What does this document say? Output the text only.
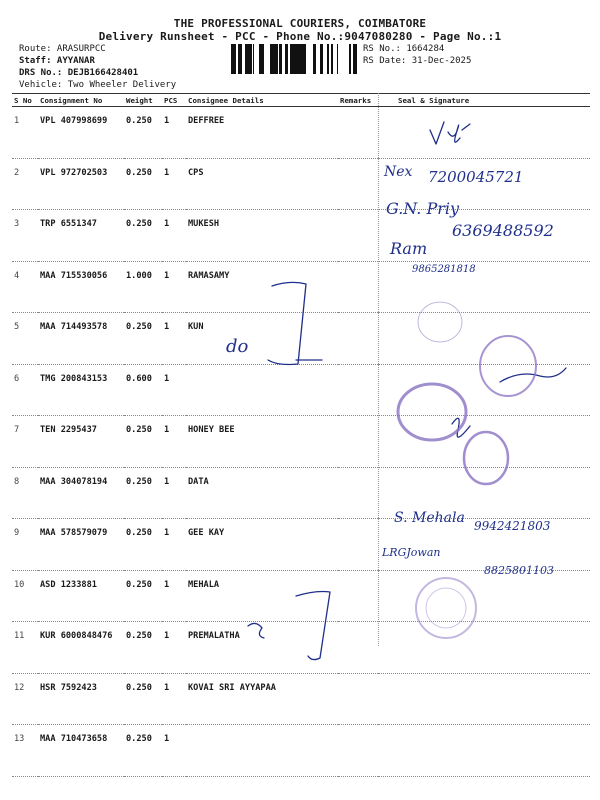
THE PROFESSIONAL COURIERS, COIMBATORE
Delivery Runsheet - PCC - Phone No.:9047080280 - Page No.:1
Route: ARASURPCC
Staff: AYYANAR
DRS No.: DEJB166428401
Vehicle: Two Wheeler Delivery
RS No.: 1664284
RS Date: 31-Dec-2025
S No	Consignment No	Weight	PCS	Consignee Details	Remarks	Seal & Signature
1	VPL 407998699	0.250	1	DEFFREE		
2	VPL 972702503	0.250	1	CPS		
3	TRP 6551347	0.250	1	MUKESH		
4	MAA 715530056	1.000	1	RAMASAMY		
5	MAA 714493578	0.250	1	KUN		
6	TMG 200843153	0.600	1			
7	TEN 2295437	0.250	1	HONEY BEE		
8	MAA 304078194	0.250	1	DATA		
9	MAA 578579079	0.250	1	GEE KAY		
10	ASD 1233881	0.250	1	MEHALA		
11	KUR 6000848476	0.250	1	PREMALATHA		
12	HSR 7592423	0.250	1	KOVAI SRI AYYAPAA		
13	MAA 710473658	0.250	1			
Nex 7200045721
G.N. Priy
6369488592
Ram
9865281818
do
S. Mehala 9942421803
LRGJowan
8825801103
